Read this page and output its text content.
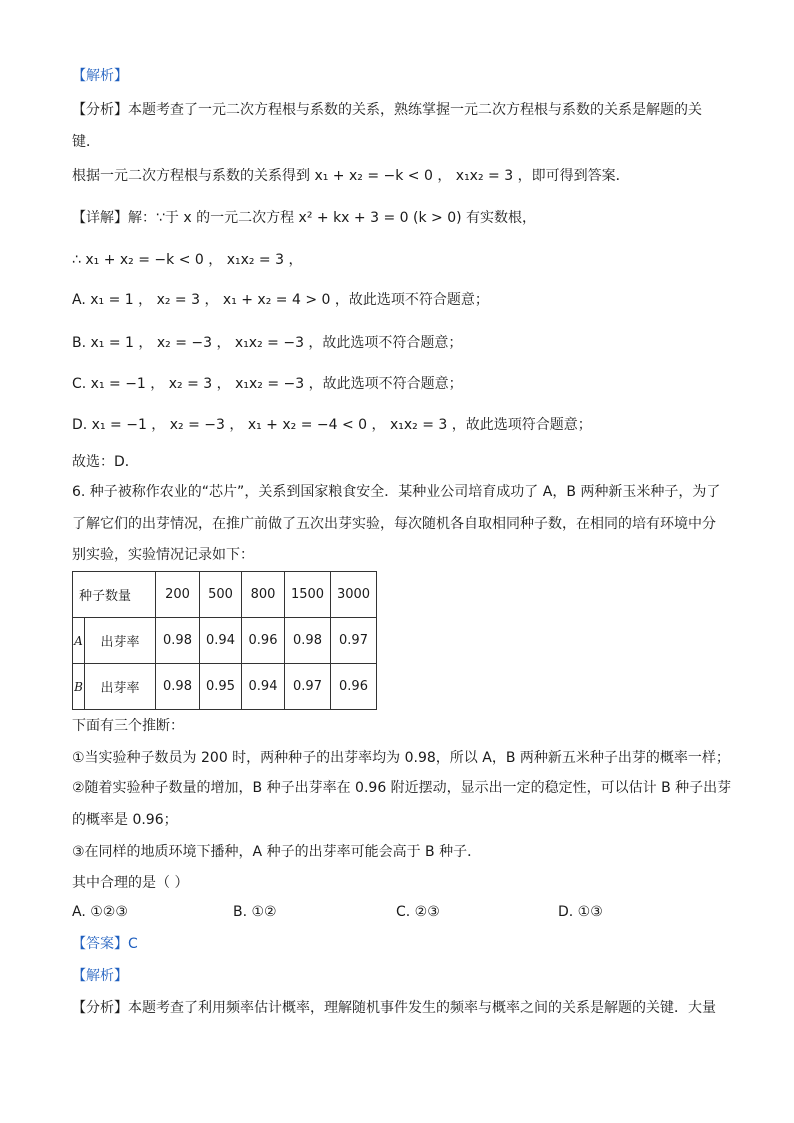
【解析】
【分析】本题考查了一元二次方程根与系数的关系，熟练掌握一元二次方程根与系数的关系是解题的关
键．
根据一元二次方程根与系数的关系得到 x₁ + x₂ = −k < 0 ， x₁x₂ = 3 ，即可得到答案．
【详解】解：∵于 x 的一元二次方程 x² + kx + 3 = 0 (k > 0) 有实数根，
∴ x₁ + x₂ = −k < 0 ， x₁x₂ = 3 ，
A. x₁ = 1 ， x₂ = 3 ， x₁ + x₂ = 4 > 0 ，故此选项不符合题意；
B. x₁ = 1 ， x₂ = −3 ， x₁x₂ = −3 ，故此选项不符合题意；
C. x₁ = −1 ， x₂ = 3 ， x₁x₂ = −3 ，故此选项不符合题意；
D. x₁ = −1 ， x₂ = −3 ， x₁ + x₂ = −4 < 0 ， x₁x₂ = 3 ，故此选项符合题意；
故选：D．
6. 种子被称作农业的“芯片”，关系到国家粮食安全．某种业公司培育成功了 A，B 两种新玉米种子，为了
了解它们的出芽情况，在推广前做了五次出芽实验，每次随机各自取相同种子数，在相同的培有环境中分
别实验，实验情况记录如下：
种子数量		200	500	800	1500	3000
A	出芽率	0.98	0.94	0.96	0.98	0.97
B	出芽率	0.98	0.95	0.94	0.97	0.96
下面有三个推断：
①当实验种子数员为 200 时，两种种子的出芽率均为 0.98，所以 A，B 两种新五米种子出芽的概率一样；
②随着实验种子数量的增加，B 种子出芽率在 0.96 附近摆动，显示出一定的稳定性，可以估计 B 种子出芽
的概率是 0.96；
③在同样的地质环境下播种，A 种子的出芽率可能会高于 B 种子．
其中合理的是（ ）
A. ①②③	B. ①②	C. ②③	D. ①③
【答案】C
【解析】
【分析】本题考查了利用频率估计概率，理解随机事件发生的频率与概率之间的关系是解题的关键．大量
